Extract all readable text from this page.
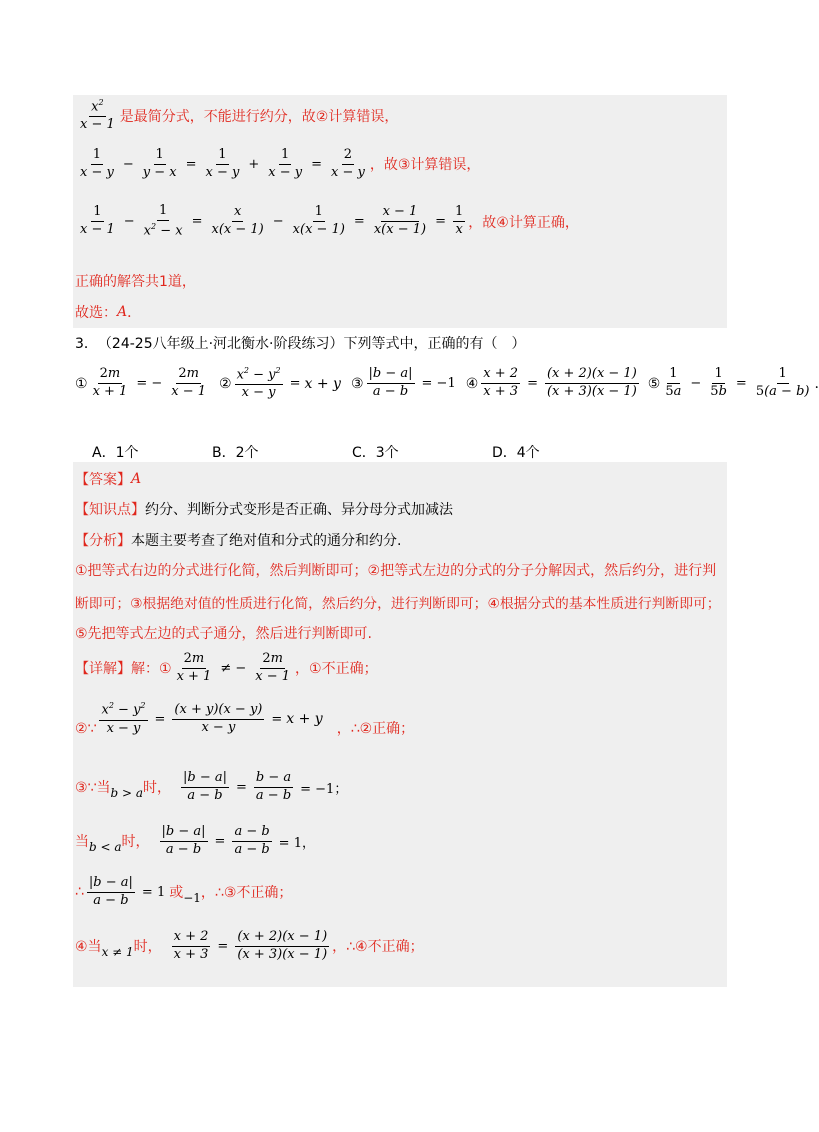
$\frac{x^2}{x - 1}$ 是最简分式，不能进行约分，故②计算错误，
$\frac{1}{x - y} - \frac{1}{y - x} = \frac{1}{x - y} + \frac{1}{x - y} = \frac{2}{x - y}$ ，故③计算错误，
$\frac{1}{x - 1} - \frac{1}{x^2 - x} = \frac{x}{x(x - 1)} - \frac{1}{x(x - 1)} = \frac{x - 1}{x(x - 1)} = \frac{1}{x}$ ，故④计算正确，
正确的解答共1道，
故选： A ．
3． （24-25八年级上·河北衡水·阶段练习）下列等式中，正确的有（　）
① $\frac{2m}{x + 1}$ = − $\frac{2m}{x - 1}$ ② $\frac{x^2 - y^2}{x - y} = x + y$ ③ $\frac{|b - a|}{a - b} = -1$ ④ $\frac{x + 2}{x + 3} = \frac{(x + 2)(x - 1)}{(x + 3)(x - 1)}$ ⑤ $\frac{1}{5a} - \frac{1}{5b} = \frac{1}{5(a - b)}$ .
A．1个	B．2个	C．3个	D．4个
【答案】 A
【知识点】 约分、判断分式变形是否正确、异分母分式加减法
【分析】 本题主要考查了绝对值和分式的通分和约分.
①把等式右边的分式进行化简，然后判断即可；②把等式左边的分式的分子分解因式，然后约分，进行判
断即可；③根据绝对值的性质进行化简，然后约分，进行判断即可；④根据分式的基本性质进行判断即可；
⑤先把等式左边的式子通分，然后进行判断即可.
【详解】 解：① $\frac{2m}{x + 1}$ ≠ − $\frac{2m}{x - 1}$ ，①不正确；
②∵ $\frac{x^2 - y^2}{x - y} = \frac{(x + y)(x - y)}{x - y} = x + y$
，∴②正确；
③∵当 b > a 时， $\frac{|b - a|}{a - b} = \frac{b - a}{a - b} = -1$；
当 b < a 时， $\frac{|b - a|}{a - b} = \frac{a - b}{a - b} = 1$，
∴ $\frac{|b - a|}{a - b} = 1$ 或 −1 ，∴③不正确；
④当 x ≠ 1 时， $\frac{x + 2}{x + 3} = \frac{(x + 2)(x - 1)}{(x + 3)(x - 1)}$ ，∴④不正确；
